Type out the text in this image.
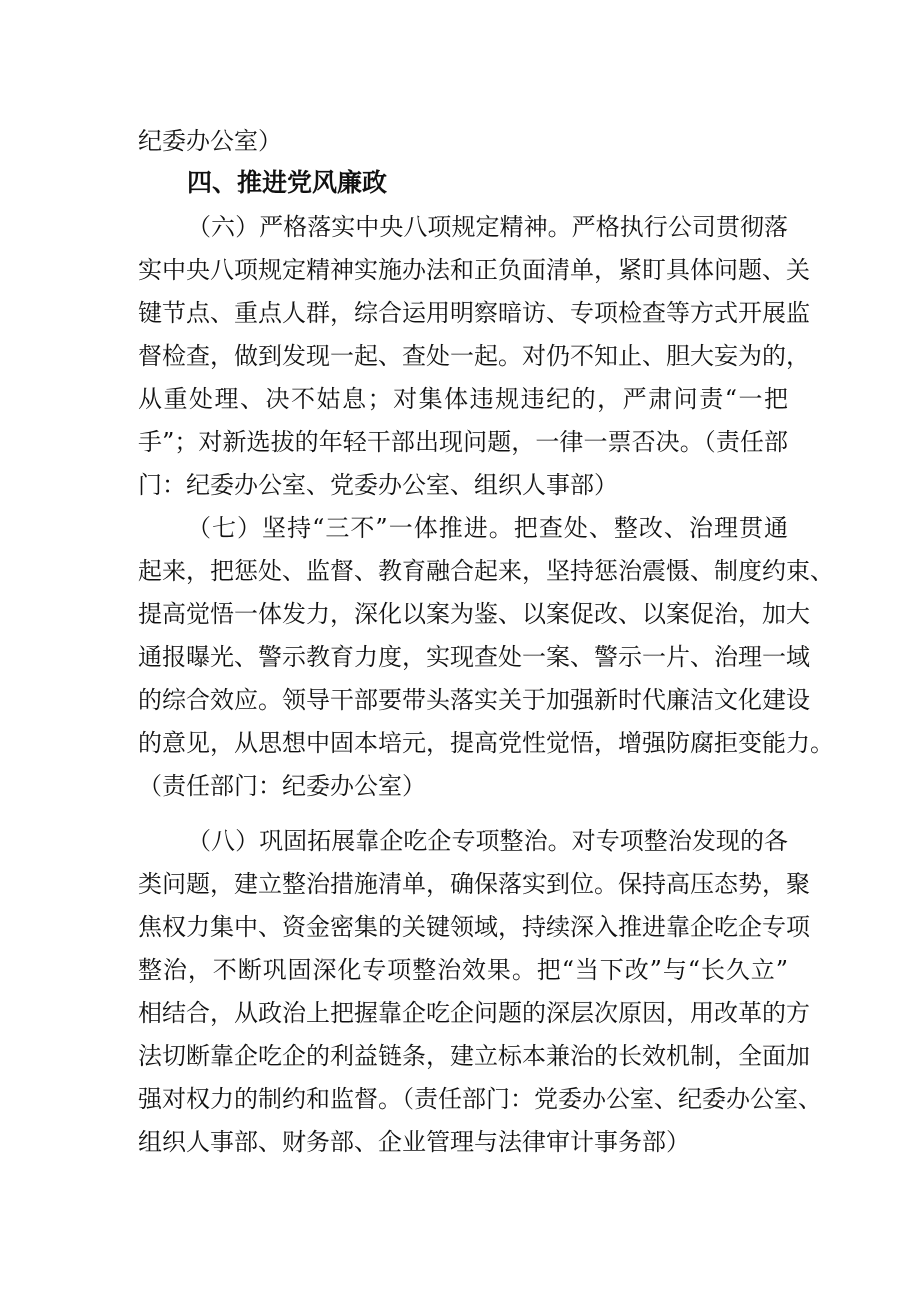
纪委办公室）
四、推进党风廉政
（六）严格落实中央八项规定精神。严格执行公司贯彻落
实中央八项规定精神实施办法和正负面清单，紧盯具体问题、关
键节点、重点人群，综合运用明察暗访、专项检查等方式开展监
督检查，做到发现一起、查处一起。对仍不知止、胆大妄为的，
从重处理、决不姑息；对集体违规违纪的，严肃问责“一把
手”；对新选拔的年轻干部出现问题，一律一票否决。（责任部
门：纪委办公室、党委办公室、组织人事部）
（七）坚持“三不”一体推进。把查处、整改、治理贯通
起来，把惩处、监督、教育融合起来，坚持惩治震慑、制度约束、
提高觉悟一体发力，深化以案为鉴、以案促改、以案促治，加大
通报曝光、警示教育力度，实现查处一案、警示一片、治理一域
的综合效应。领导干部要带头落实关于加强新时代廉洁文化建设
的意见，从思想中固本培元，提高党性觉悟，增强防腐拒变能力。
（责任部门：纪委办公室）
（八）巩固拓展靠企吃企专项整治。对专项整治发现的各
类问题，建立整治措施清单，确保落实到位。保持高压态势，聚
焦权力集中、资金密集的关键领域，持续深入推进靠企吃企专项
整治，不断巩固深化专项整治效果。把“当下改”与“长久立”
相结合，从政治上把握靠企吃企问题的深层次原因，用改革的方
法切断靠企吃企的利益链条，建立标本兼治的长效机制，全面加
强对权力的制约和监督。（责任部门：党委办公室、纪委办公室、
组织人事部、财务部、企业管理与法律审计事务部）
